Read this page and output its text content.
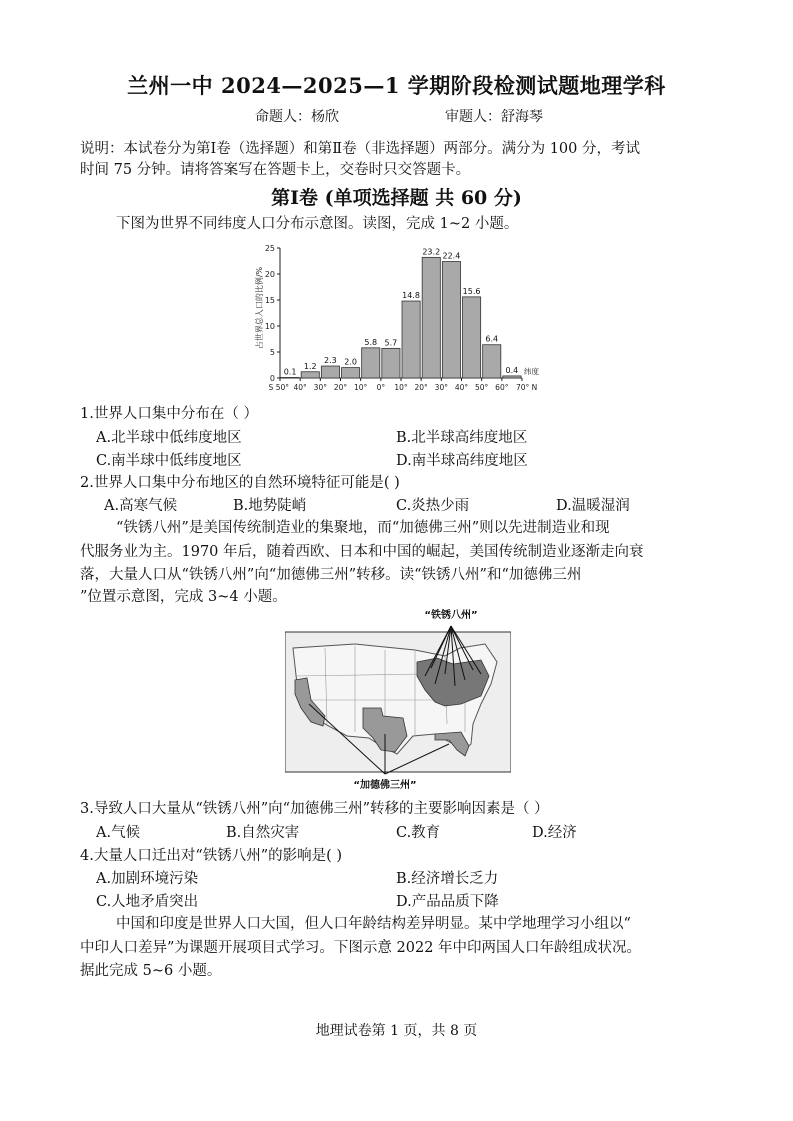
兰州一中 2024—2025—1 学期阶段检测试题地理学科
命题人：杨欣	审题人：舒海琴
说明：本试卷分为第Ⅰ卷（选择题）和第Ⅱ卷（非选择题）两部分。满分为 100 分，考试
时间 75 分钟。请将答案写在答题卡上，交卷时只交答题卡。
第Ⅰ卷 (单项选择题 共 60 分)
下图为世界不同纬度人口分布示意图。读图，完成 1~2 小题。
占世界总人口的比例/%
0
5
10
15
20
25
0.1
1.2
2.3 2.0
5.8 5.7
14.8
23.2 22.4
15.6
6.4
0.4
S 50° 40° 30° 20° 10° 0° 10° 20° 30° 40° 50° 60° 70° N
纬度
1.世界人口集中分布在（ ）
A.北半球中低纬度地区	B.北半球高纬度地区
C.南半球中低纬度地区	D.南半球高纬度地区
2.世界人口集中分布地区的自然环境特征可能是( )
A.高寒气候	B.地势陡峭	C.炎热少雨	D.温暖湿润
“铁锈八州”是美国传统制造业的集聚地，而“加德佛三州”则以先进制造业和现
代服务业为主。1970 年后，随着西欧、日本和中国的崛起，美国传统制造业逐渐走向衰
落，大量人口从“铁锈八州”向“加德佛三州”转移。读“铁锈八州”和“加德佛三州
”位置示意图，完成 3~4 小题。
“铁锈八州”
“加德佛三州”
3.导致人口大量从“铁锈八州”向“加德佛三州”转移的主要影响因素是（ ）
A.气候	B.自然灾害	C.教育	D.经济
4.大量人口迁出对“铁锈八州”的影响是( )
A.加剧环境污染	B.经济增长乏力
C.人地矛盾突出	D.产品品质下降
中国和印度是世界人口大国，但人口年龄结构差异明显。某中学地理学习小组以“
中印人口差异”为课题开展项目式学习。下图示意 2022 年中印两国人口年龄组成状况。
据此完成 5~6 小题。
地理试卷第 1 页，共 8 页
